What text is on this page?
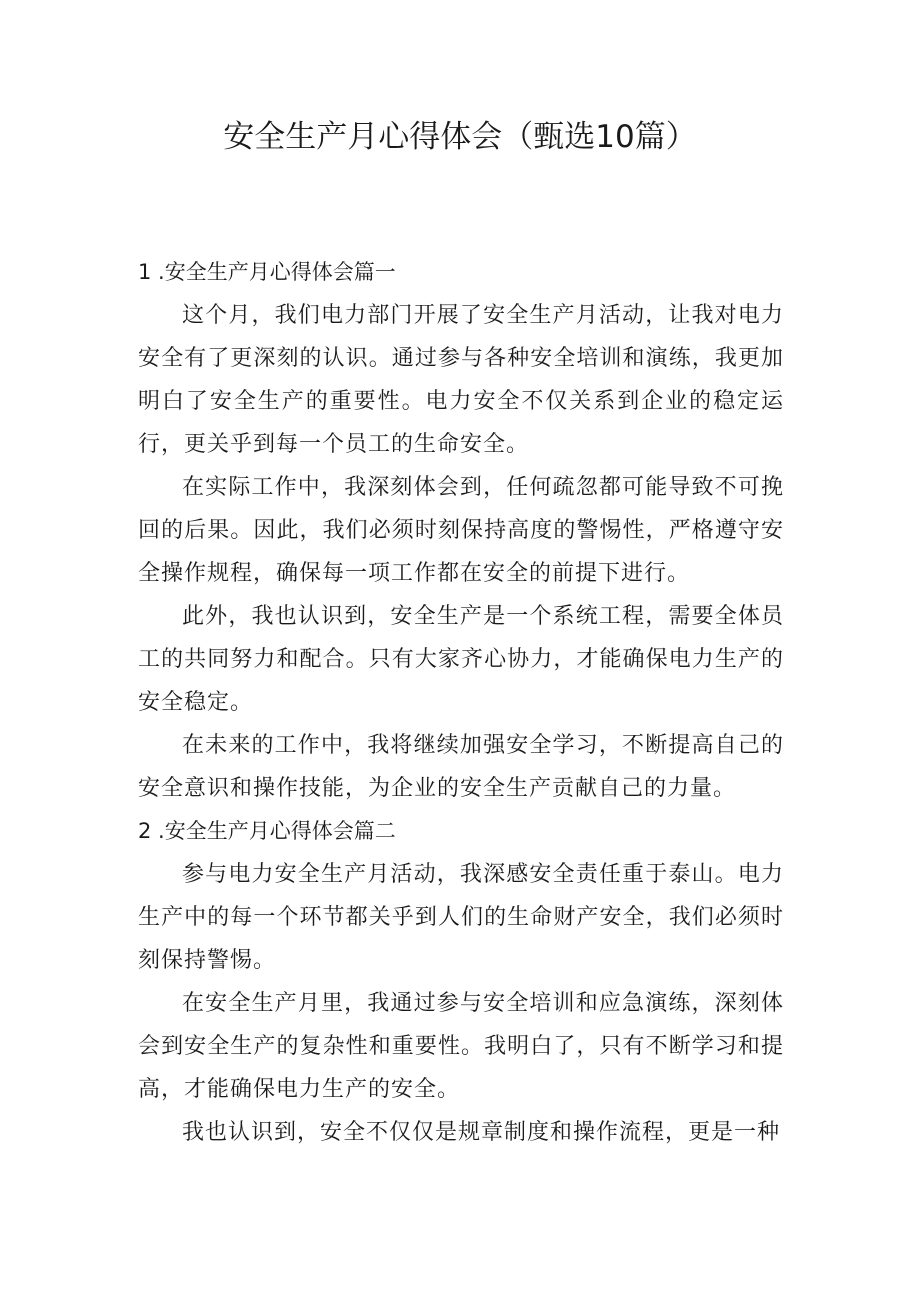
安全生产月心得体会（甄选10篇）

1 .安全生产月心得体会篇一

这个月，我们电力部门开展了安全生产月活动，让我对电力安全有了更深刻的认识。通过参与各种安全培训和演练，我更加明白了安全生产的重要性。电力安全不仅关系到企业的稳定运行，更关乎到每一个员工的生命安全。

在实际工作中，我深刻体会到，任何疏忽都可能导致不可挽回的后果。因此，我们必须时刻保持高度的警惕性，严格遵守安全操作规程，确保每一项工作都在安全的前提下进行。

此外，我也认识到，安全生产是一个系统工程，需要全体员工的共同努力和配合。只有大家齐心协力，才能确保电力生产的安全稳定。

在未来的工作中，我将继续加强安全学习，不断提高自己的安全意识和操作技能，为企业的安全生产贡献自己的力量。

2 .安全生产月心得体会篇二

参与电力安全生产月活动，我深感安全责任重于泰山。电力生产中的每一个环节都关乎到人们的生命财产安全，我们必须时刻保持警惕。

在安全生产月里，我通过参与安全培训和应急演练，深刻体会到安全生产的复杂性和重要性。我明白了，只有不断学习和提高，才能确保电力生产的安全。

我也认识到，安全不仅仅是规章制度和操作流程，更是一种
